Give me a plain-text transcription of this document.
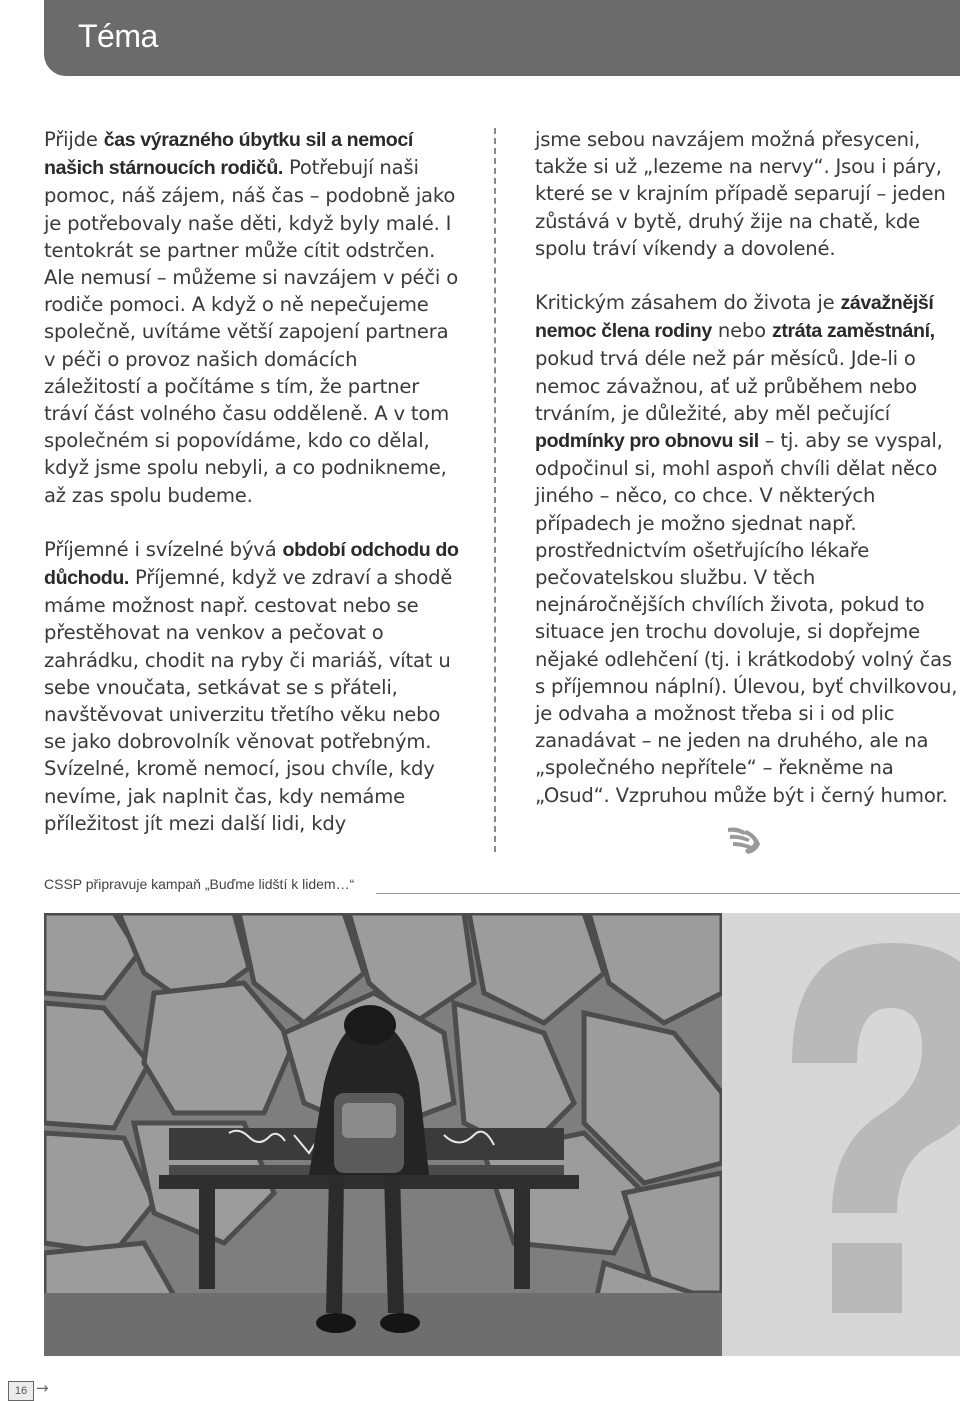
Téma

Přijde čas výrazného úbytku sil a nemocí našich stárnoucích rodičů. Potřebují naši pomoc, náš zájem, náš čas – podobně jako je potřebovaly naše děti, když byly malé. I tentokrát se partner může cítit odstrčen. Ale nemusí – můžeme si navzájem v péči o rodiče pomoci. A když o ně nepečujeme společně, uvítáme větší zapojení partnera v péči o provoz našich domácích záležitostí a počítáme s tím, že partner tráví část volného času odděleně. A v tom společném si popovídáme, kdo co dělal, když jsme spolu nebyli, a co podnikneme, až zas spolu budeme.

Příjemné i svízelné bývá období odchodu do důchodu. Příjemné, když ve zdraví a shodě máme možnost např. cestovat nebo se přestěhovat na venkov a pečovat o zahrádku, chodit na ryby či mariáš, vítat u sebe vnoučata, setkávat se s přáteli, navštěvovat univerzitu třetího věku nebo se jako dobrovolník věnovat potřebným. Svízelné, kromě nemocí, jsou chvíle, kdy nevíme, jak naplnit čas, kdy nemáme příležitost jít mezi další lidi, kdy

jsme sebou navzájem možná přesyceni, takže si už „lezeme na nervy“. Jsou i páry, které se v krajním případě separují – jeden zůstává v bytě, druhý žije na chatě, kde spolu tráví víkendy a dovolené.

Kritickým zásahem do života je závažnější nemoc člena rodiny nebo ztráta zaměstnání, pokud trvá déle než pár měsíců. Jde-li o nemoc závažnou, ať už průběhem nebo trváním, je důležité, aby měl pečující podmínky pro obnovu sil – tj. aby se vyspal, odpočinul si, mohl aspoň chvíli dělat něco jiného – něco, co chce. V některých případech je možno sjednat např. prostřednictvím ošetřujícího lékaře pečovatelskou službu. V těch nejnáročnějších chvílích života, pokud to situace jen trochu dovoluje, si dopřejme nějaké odlehčení (tj. i krátkodobý volný čas s příjemnou náplní). Úlevou, byť chvilkovou, je odvaha a možnost třeba si i od plic zanadávat – ne jeden na druhého, ale na „společného nepřítele“ – řekněme na „Osud“. Vzpruhou může být i černý humor.

CSSP připravuje kampaň „Buďme lidští k lidem…“
16 →
